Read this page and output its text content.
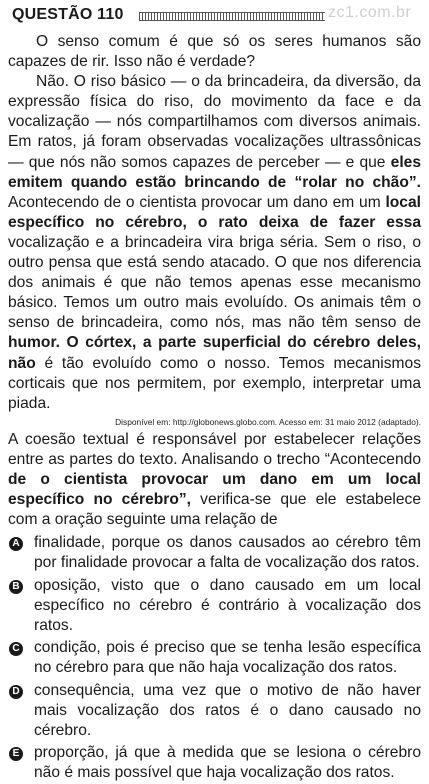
QUESTÃO 110	zc1.com.br

O senso comum é que só os seres humanos são capazes de rir. Isso não é verdade?

Não. O riso básico — o da brincadeira, da diversão, da expressão física do riso, do movimento da face e da vocalização — nós compartilhamos com diversos animais. Em ratos, já foram observadas vocalizações ultrassônicas — que nós não somos capazes de perceber — e que eles emitem quando estão brincando de “rolar no chão”. Acontecendo de o cientista provocar um dano em um local específico no cérebro, o rato deixa de fazer essa vocalização e a brincadeira vira briga séria. Sem o riso, o outro pensa que está sendo atacado. O que nos diferencia dos animais é que não temos apenas esse mecanismo básico. Temos um outro mais evoluído. Os animais têm o senso de brincadeira, como nós, mas não têm senso de humor. O córtex, a parte superficial do cérebro deles, não é tão evoluído como o nosso. Temos mecanismos corticais que nos permitem, por exemplo, interpretar uma piada.

Disponível em: http://globonews.globo.com. Acesso em: 31 maio 2012 (adaptado).

A coesão textual é responsável por estabelecer relações entre as partes do texto. Analisando o trecho “Acontecendo de o cientista provocar um dano em um local específico no cérebro”, verifica-se que ele estabelece com a oração seguinte uma relação de

A finalidade, porque os danos causados ao cérebro têm por finalidade provocar a falta de vocalização dos ratos.
B oposição, visto que o dano causado em um local específico no cérebro é contrário à vocalização dos ratos.
C condição, pois é preciso que se tenha lesão específica no cérebro para que não haja vocalização dos ratos.
D consequência, uma vez que o motivo de não haver mais vocalização dos ratos é o dano causado no cérebro.
E proporção, já que à medida que se lesiona o cérebro não é mais possível que haja vocalização dos ratos.
